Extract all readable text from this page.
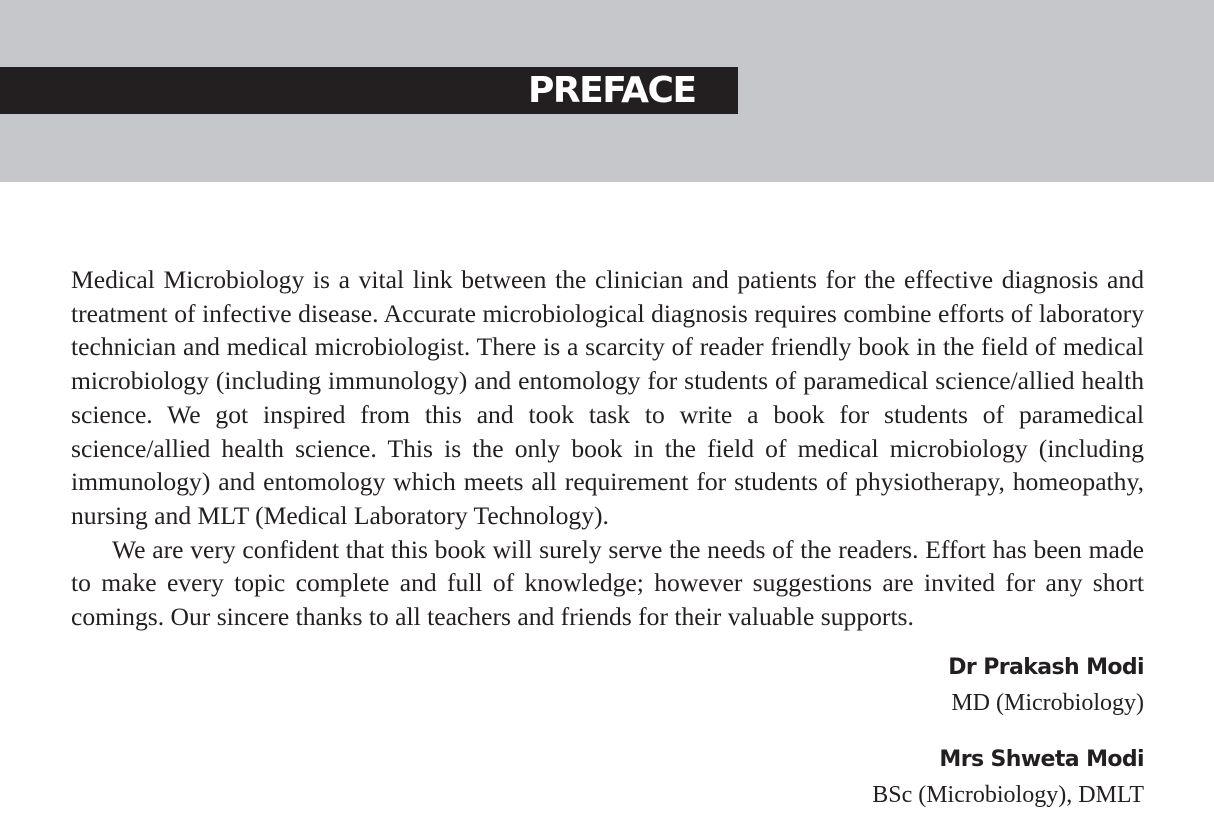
PREFACE

Medical Microbiology is a vital link between the clinician and patients for the effective diagnosis and treatment of infective disease. Accurate microbiological diagnosis requires combine efforts of laboratory technician and medical microbiologist. There is a scarcity of reader friendly book in the field of medical microbiology (including immunology) and entomology for students of paramedical science/​allied health science. We got inspired from this and took task to write a book for students of paramedical science/allied health science. This is the only book in the field of medical microbiology (including immunology) and entomology which meets all requirement for students of physiotherapy, homeopathy, nursing and MLT (Medical Laboratory Technology).

We are very confident that this book will surely serve the needs of the readers. Effort has been made to make every topic complete and full of knowledge; however suggestions are invited for any short comings. Our sincere thanks to all teachers and friends for their valuable supports.

Dr Prakash Modi
MD (Microbiology)
Mrs Shweta Modi
BSc (Microbiology), DMLT
